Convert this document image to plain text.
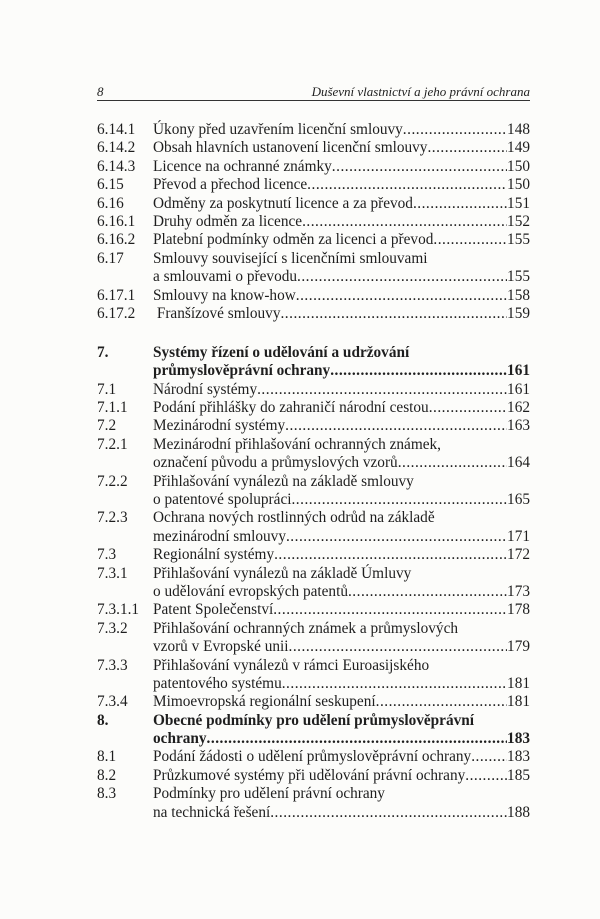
8	Duševní vlastnictví a jeho právní ochrana
6.14.1 Úkony před uzavřením licenční smlouvy .....	148
6.14.2 Obsah hlavních ustanovení licenční smlouvy .....	149
6.14.3 Licence na ochranné známky .....	150
6.15 Převod a přechod licence .....	150
6.16 Odměny za poskytnutí licence a za převod .....	151
6.16.1 Druhy odměn za licence .....	152
6.16.2 Platební podmínky odměn za licenci a převod .....	155
6.17 Smlouvy související s licenčními smlouvami
a smlouvami o převodu .....	155
6.17.1 Smlouvy na know-how .....	158
6.17.2 Franšízové smlouvy .....	159
7.	Systémy řízení o udělování a udržování
průmyslověprávní ochrany .....	161
7.1 Národní systémy .....	161
7.1.1 Podání přihlášky do zahraničí národní cestou .....	162
7.2 Mezinárodní systémy .....	163
7.2.1 Mezinárodní přihlašování ochranných známek,
označení původu a průmyslových vzorů .....	164
7.2.2 Přihlašování vynálezů na základě smlouvy
o patentové spolupráci .....	165
7.2.3 Ochrana nových rostlinných odrůd na základě
mezinárodní smlouvy .....	171
7.3 Regionální systémy .....	172
7.3.1 Přihlašování vynálezů na základě Úmluvy
o udělování evropských patentů .....	173
7.3.1.1 Patent Společenství .....	178
7.3.2 Přihlašování ochranných známek a průmyslových
vzorů v Evropské unii .....	179
7.3.3 Přihlašování vynálezů v rámci Euroasijského
patentového systému .....	181
7.3.4 Mimoevropská regionální seskupení .....	181
8.	Obecné podmínky pro udělení průmyslověprávní
ochrany .....	183
8.1 Podání žádosti o udělení průmyslověprávní ochrany ..... 183
8.2 Průzkumové systémy při udělování právní ochrany .....	185
8.3 Podmínky pro udělení právní ochrany
na technická řešení .....	188
